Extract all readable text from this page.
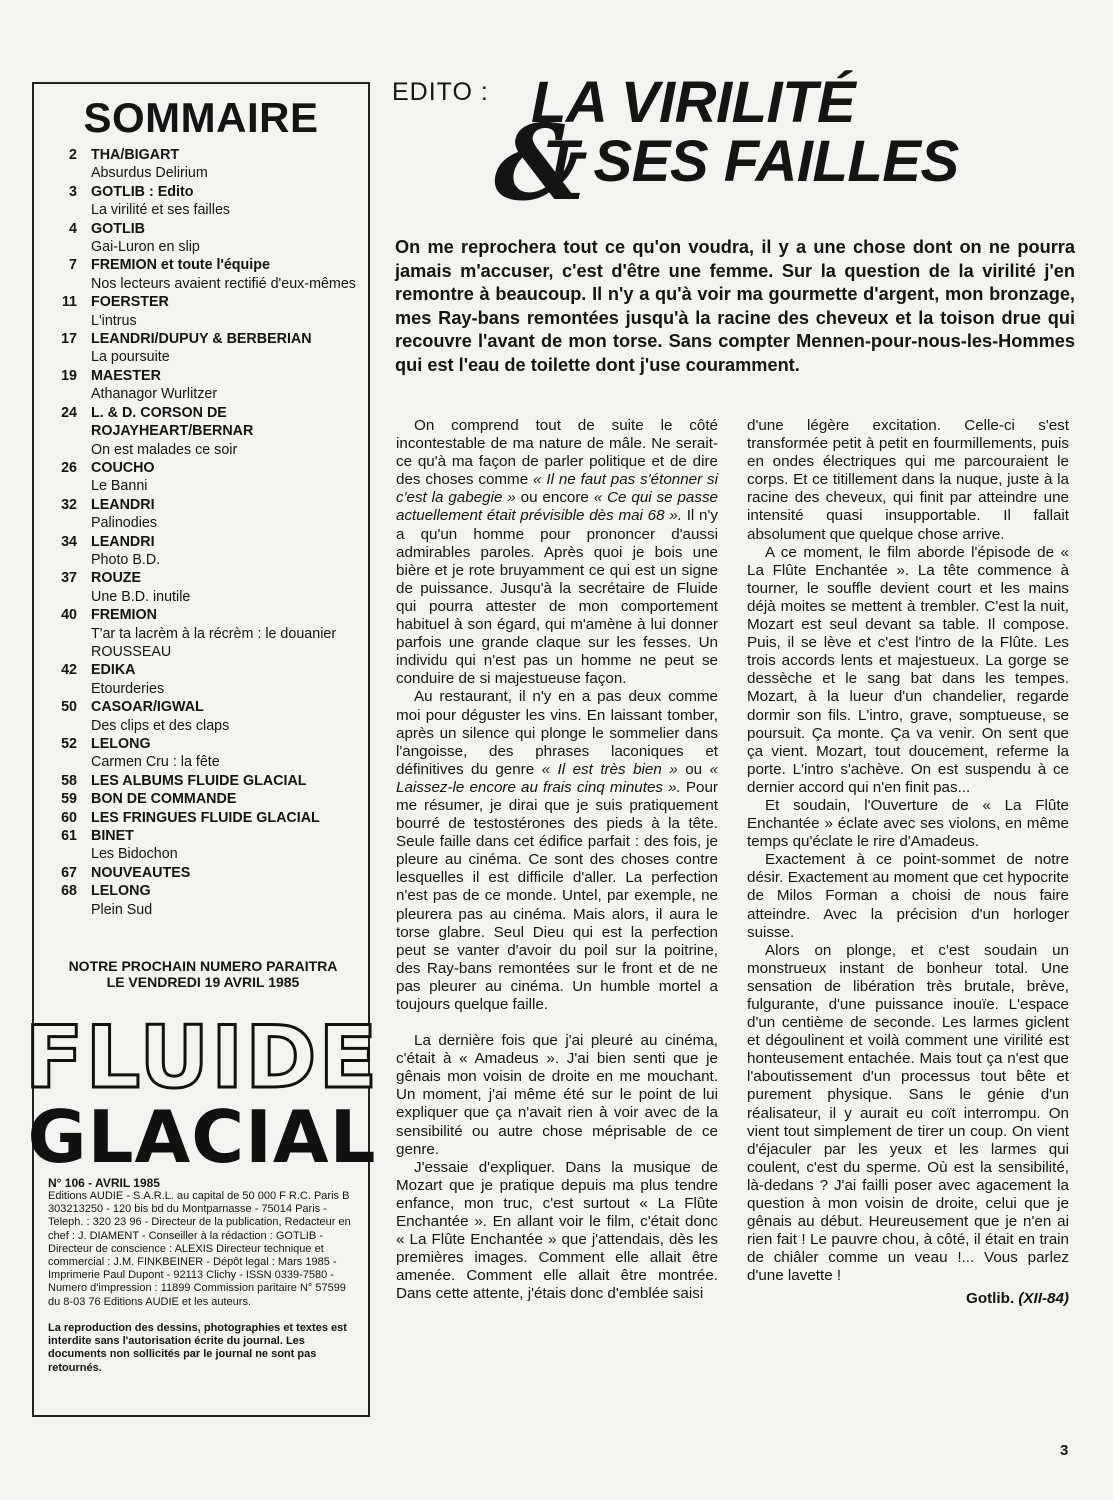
SOMMAIRE
2 THA/BIGART
Absurdus Delirium
3 GOTLIB : Edito
La virilité et ses failles
4 GOTLIB
Gai-Luron en slip
7 FREMION et toute l'équipe
Nos lecteurs avaient rectifié d'eux-mêmes
11 FOERSTER
L'intrus
17 LEANDRI/DUPUY & BERBERIAN
La poursuite
19 MAESTER
Athanagor Wurlitzer
24 L. & D. CORSON DE ROJAYHEART/BERNAR
On est malades ce soir
26 COUCHO
Le Banni
32 LEANDRI
Palinodies
34 LEANDRI
Photo B.D.
37 ROUZE
Une B.D. inutile
40 FREMION
T'ar ta lacrèm à la récrèm : le douanier ROUSSEAU
42 EDIKA
Etourderies
50 CASOAR/IGWAL
Des clips et des claps
52 LELONG
Carmen Cru : la fête
58 LES ALBUMS FLUIDE GLACIAL
59 BON DE COMMANDE
60 LES FRINGUES FLUIDE GLACIAL
61 BINET
Les Bidochon
67 NOUVEAUTES
68 LELONG
Plein Sud
NOTRE PROCHAIN NUMERO PARAITRA
LE VENDREDI 19 AVRIL 1985
FLUIDE
GLACIAL
N° 106 - AVRIL 1985
Editions AUDIE - S.A.R.L. au capital de 50 000 F R.C. Paris B 303213250 - 120 bis bd du Montparnasse - 75014 Paris - Teleph. : 320 23 96 - Directeur de la publication, Redacteur en chef : J. DIAMENT - Conseiller à la rédaction : GOTLIB - Directeur de conscience : ALEXIS Directeur technique et commercial : J.M. FINKBEINER - Dépôt legal : Mars 1985 - Imprimerie Paul Dupont - 92113 Clichy - ISSN 0339-7580 - Numero d'impression : 11899 Commission paritaire N° 57599 du 8-03 76 Editions AUDIE et les auteurs.
La reproduction des dessins, photographies et textes est interdite sans l'autorisation écrite du journal. Les documents non sollicités par le journal ne sont pas retournés.
EDITO :
&
LA VIRILITÉ
T SES FAILLES
On me reprochera tout ce qu'on voudra, il y a une chose dont on ne pourra jamais m'accuser, c'est d'être une femme. Sur la question de la virilité j'en remontre à beaucoup. Il n'y a qu'à voir ma gourmette d'argent, mon bronzage, mes Ray-bans remontées jusqu'à la racine des cheveux et la toison drue qui recouvre l'avant de mon torse. Sans compter Mennen-pour-nous-les-Hommes qui est l'eau de toilette dont j'use couramment.

On comprend tout de suite le côté incontestable de ma nature de mâle. Ne serait-ce qu'à ma façon de parler politique et de dire des choses comme « Il ne faut pas s'étonner si c'est la gabegie » ou encore « Ce qui se passe actuellement était prévisible dès mai 68 ». Il n'y a qu'un homme pour prononcer d'aussi admirables paroles. Après quoi je bois une bière et je rote bruyamment ce qui est un signe de puissance. Jusqu'à la secrétaire de Fluide qui pourra attester de mon comportement habituel à son égard, qui m'amène à lui donner parfois une grande claque sur les fesses. Un individu qui n'est pas un homme ne peut se conduire de si majestueuse façon.

Au restaurant, il n'y en a pas deux comme moi pour déguster les vins. En laissant tomber, après un silence qui plonge le sommelier dans l'angoisse, des phrases laconiques et définitives du genre « Il est très bien » ou « Laissez-le encore au frais cinq minutes ». Pour me résumer, je dirai que je suis pratiquement bourré de testostérones des pieds à la tête. Seule faille dans cet édifice parfait : des fois, je pleure au cinéma. Ce sont des choses contre lesquelles il est difficile d'aller. La perfection n'est pas de ce monde. Untel, par exemple, ne pleurera pas au cinéma. Mais alors, il aura le torse glabre. Seul Dieu qui est la perfection peut se vanter d'avoir du poil sur la poitrine, des Ray-bans remontées sur le front et de ne pas pleurer au cinéma. Un humble mortel a toujours quelque faille.

La dernière fois que j'ai pleuré au cinéma, c'était à « Amadeus ». J'ai bien senti que je gênais mon voisin de droite en me mouchant. Un moment, j'ai même été sur le point de lui expliquer que ça n'avait rien à voir avec de la sensibilité ou autre chose méprisable de ce genre.

J'essaie d'expliquer. Dans la musique de Mozart que je pratique depuis ma plus tendre enfance, mon truc, c'est surtout « La Flûte Enchantée ». En allant voir le film, c'était donc « La Flûte Enchantée » que j'attendais, dès les premières images. Comment elle allait être amenée. Comment elle allait être montrée. Dans cette attente, j'étais donc d'emblée saisi

d'une légère excitation. Celle-ci s'est transformée petit à petit en fourmillements, puis en ondes électriques qui me parcouraient le corps. Et ce titillement dans la nuque, juste à la racine des cheveux, qui finit par atteindre une intensité quasi insupportable. Il fallait absolument que quelque chose arrive.

A ce moment, le film aborde l'épisode de « La Flûte Enchantée ». La tête commence à tourner, le souffle devient court et les mains déjà moites se mettent à trembler. C'est la nuit, Mozart est seul devant sa table. Il compose. Puis, il se lève et c'est l'intro de la Flûte. Les trois accords lents et majestueux. La gorge se dessèche et le sang bat dans les tempes. Mozart, à la lueur d'un chandelier, regarde dormir son fils. L'intro, grave, somptueuse, se poursuit. Ça monte. Ça va venir. On sent que ça vient. Mozart, tout doucement, referme la porte. L'intro s'achève. On est suspendu à ce dernier accord qui n'en finit pas...

Et soudain, l'Ouverture de « La Flûte Enchantée » éclate avec ses violons, en même temps qu'éclate le rire d'Amadeus.

Exactement à ce point-sommet de notre désir. Exactement au moment que cet hypocrite de Milos Forman a choisi de nous faire atteindre. Avec la précision d'un horloger suisse.

Alors on plonge, et c'est soudain un monstrueux instant de bonheur total. Une sensation de libération très brutale, brève, fulgurante, d'une puissance inouïe. L'espace d'un centième de seconde. Les larmes giclent et dégoulinent et voilà comment une virilité est honteusement entachée. Mais tout ça n'est que l'aboutissement d'un processus tout bête et purement physique. Sans le génie d'un réalisateur, il y aurait eu coït interrompu. On vient tout simplement de tirer un coup. On vient d'éjaculer par les yeux et les larmes qui coulent, c'est du sperme. Où est la sensibilité, là-dedans ? J'ai failli poser avec agacement la question à mon voisin de droite, celui que je gênais au début. Heureusement que je n'en ai rien fait ! Le pauvre chou, à côté, il était en train de chiâler comme un veau !... Vous parlez d'une lavette !

Gotlib. (XII-84)
3
